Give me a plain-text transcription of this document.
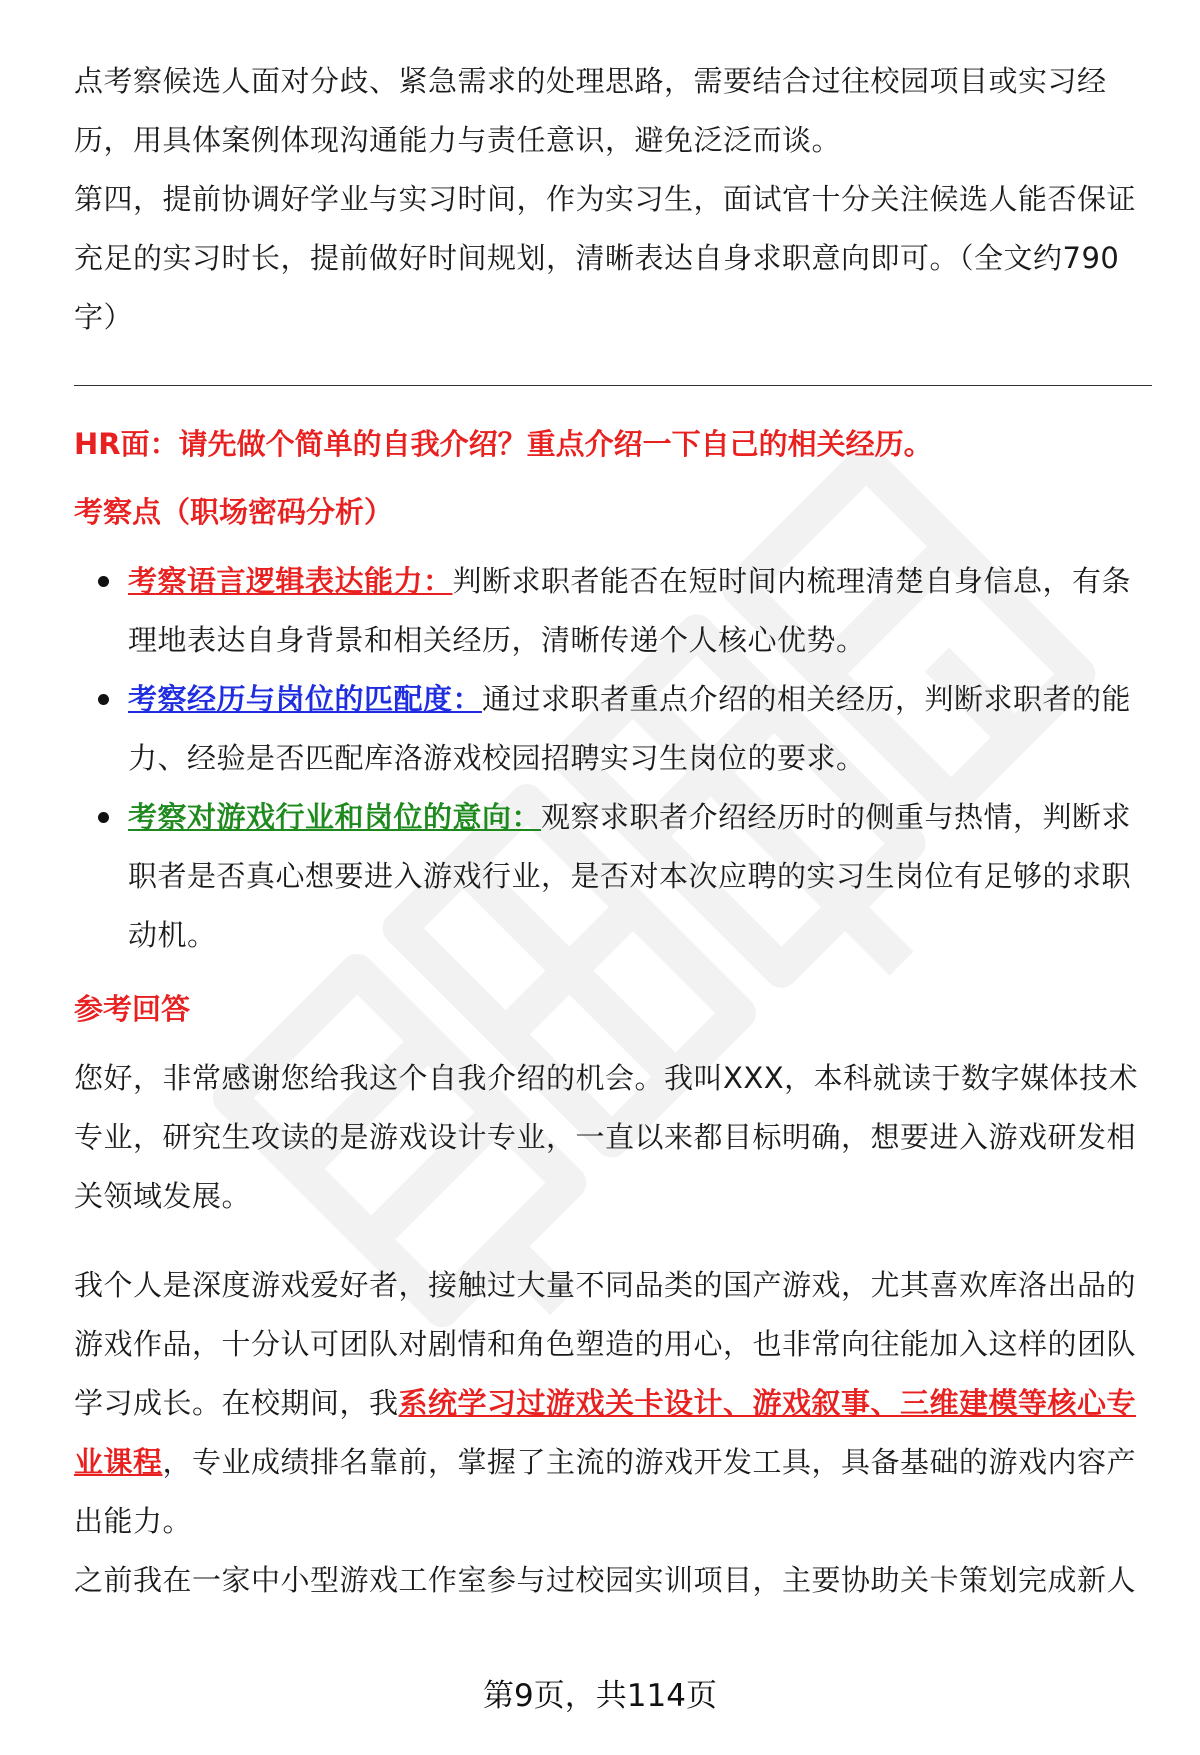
点考察候选人面对分歧、紧急需求的处理思路，需要结合过往校园项目或实习经历，用具体案例体现沟通能力与责任意识，避免泛泛而谈。

第四，提前协调好学业与实习时间，作为实习生，面试官十分关注候选人能否保证充足的实习时长，提前做好时间规划，清晰表达自身求职意向即可。（全文约790字）

HR面：请先做个简单的自我介绍？重点介绍一下自己的相关经历。

考察点（职场密码分析）

考察语言逻辑表达能力：判断求职者能否在短时间内梳理清楚自身信息，有条理地表达自身背景和相关经历，清晰传递个人核心优势。
考察经历与岗位的匹配度：通过求职者重点介绍的相关经历，判断求职者的能力、经验是否匹配库洛游戏校园招聘实习生岗位的要求。
考察对游戏行业和岗位的意向：观察求职者介绍经历时的侧重与热情，判断求职者是否真心想要进入游戏行业，是否对本次应聘的实习生岗位有足够的求职动机。

参考回答

您好，非常感谢您给我这个自我介绍的机会。我叫XXX，本科就读于数字媒体技术专业，研究生攻读的是游戏设计专业，一直以来都目标明确，想要进入游戏研发相关领域发展。

我个人是深度游戏爱好者，接触过大量不同品类的国产游戏，尤其喜欢库洛出品的游戏作品，十分认可团队对剧情和角色塑造的用心，也非常向往能加入这样的团队学习成长。在校期间，我系统学习过游戏关卡设计、游戏叙事、三维建模等核心专业课程，专业成绩排名靠前，掌握了主流的游戏开发工具，具备基础的游戏内容产出能力。

之前我在一家中小型游戏工作室参与过校园实训项目，主要协助关卡策划完成新人

第9页，共114页
